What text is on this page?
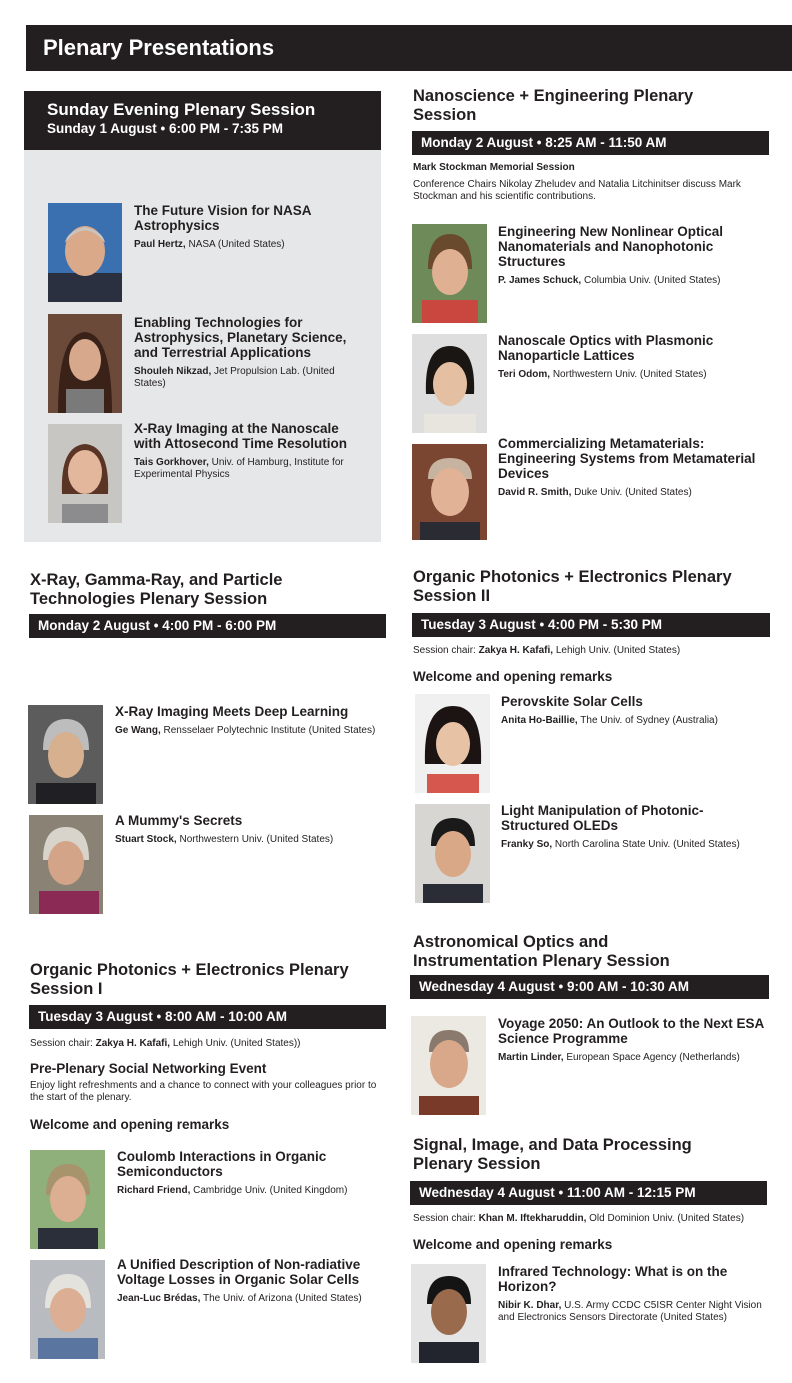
Plenary Presentations
Sunday Evening Plenary Session
Sunday 1 August • 6:00 PM - 7:35 PM
The Future Vision for NASA Astrophysics
Paul Hertz, NASA (United States)
Enabling Technologies for Astrophysics, Planetary Science, and Terrestrial Applications
Shouleh Nikzad, Jet Propulsion Lab. (United States)
X-Ray Imaging at the Nanoscale with Attosecond Time Resolution
Tais Gorkhover, Univ. of Hamburg, Institute for Experimental Physics
X-Ray, Gamma-Ray, and Particle Technologies Plenary Session
Monday 2 August • 4:00 PM - 6:00 PM
X-Ray Imaging Meets Deep Learning
Ge Wang, Rensselaer Polytechnic Institute (United States)
A Mummy's Secrets
Stuart Stock, Northwestern Univ. (United States)
Organic Photonics + Electronics Plenary Session I
Tuesday 3 August • 8:00 AM - 10:00 AM
Session chair: Zakya H. Kafafi, Lehigh Univ. (United States))
Pre-Plenary Social Networking Event
Enjoy light refreshments and a chance to connect with your colleagues prior to the start of the plenary.
Welcome and opening remarks
Coulomb Interactions in Organic Semiconductors
Richard Friend, Cambridge Univ. (United Kingdom)
A Unified Description of Non-radiative Voltage Losses in Organic Solar Cells
Jean-Luc Brédas, The Univ. of Arizona (United States)
Nanoscience + Engineering Plenary Session
Monday 2 August • 8:25 AM - 11:50 AM
Mark Stockman Memorial Session
Conference Chairs Nikolay Zheludev and Natalia Litchinitser discuss Mark Stockman and his scientific contributions.
Engineering New Nonlinear Optical Nanomaterials and Nanophotonic Structures
P. James Schuck, Columbia Univ. (United States)
Nanoscale Optics with Plasmonic Nanoparticle Lattices
Teri Odom, Northwestern Univ. (United States)
Commercializing Metamaterials: Engineering Systems from Metamaterial Devices
David R. Smith, Duke Univ. (United States)
Organic Photonics + Electronics Plenary Session II
Tuesday 3 August • 4:00 PM - 5:30 PM
Session chair: Zakya H. Kafafi, Lehigh Univ. (United States)
Welcome and opening remarks
Perovskite Solar Cells
Anita Ho-Baillie, The Univ. of Sydney (Australia)
Light Manipulation of Photonic-Structured OLEDs
Franky So, North Carolina State Univ. (United States)
Astronomical Optics and Instrumentation Plenary Session
Wednesday 4 August • 9:00 AM - 10:30 AM
Voyage 2050: An Outlook to the Next ESA Science Programme
Martin Linder, European Space Agency (Netherlands)
Signal, Image, and Data Processing Plenary Session
Wednesday 4 August • 11:00 AM - 12:15 PM
Session chair: Khan M. Iftekharuddin, Old Dominion Univ. (United States)
Welcome and opening remarks
Infrared Technology: What is on the Horizon?
Nibir K. Dhar, U.S. Army CCDC C5ISR Center Night Vision and Electronics Sensors Directorate (United States)
